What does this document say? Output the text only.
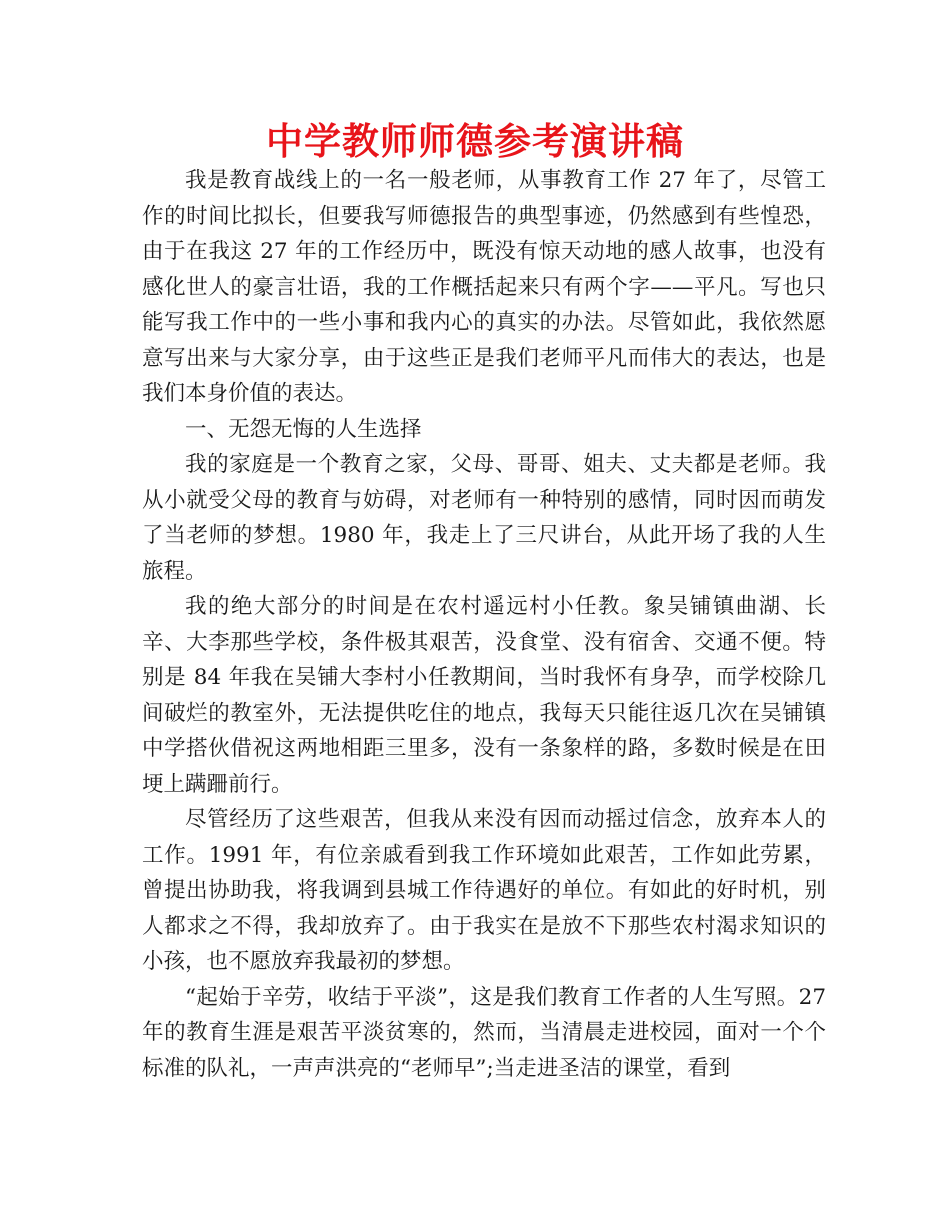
中学教师师德参考演讲稿

我是教育战线上的一名一般老师，从事教育工作 27 年了，尽管工作的时间比拟长，但要我写师德报告的典型事迹，仍然感到有些惶恐，由于在我这 27 年的工作经历中，既没有惊天动地的感人故事，也没有感化世人的豪言壮语，我的工作概括起来只有两个字——平凡。写也只能写我工作中的一些小事和我内心的真实的办法。尽管如此，我依然愿意写出来与大家分享，由于这些正是我们老师平凡而伟大的表达，也是我们本身价值的表达。

一、无怨无悔的人生选择

我的家庭是一个教育之家，父母、哥哥、姐夫、丈夫都是老师。我从小就受父母的教育与妨碍，对老师有一种特别的感情，同时因而萌发了当老师的梦想。1980 年，我走上了三尺讲台，从此开场了我的人生旅程。

我的绝大部分的时间是在农村遥远村小任教。象吴铺镇曲湖、长辛、大李那些学校，条件极其艰苦，没食堂、没有宿舍、交通不便。特别是 84 年我在吴铺大李村小任教期间，当时我怀有身孕，而学校除几间破烂的教室外，无法提供吃住的地点，我每天只能往返几次在吴铺镇中学搭伙借祝这两地相距三里多，没有一条象样的路，多数时候是在田埂上蹒跚前行。

尽管经历了这些艰苦，但我从来没有因而动摇过信念，放弃本人的工作。1991 年，有位亲戚看到我工作环境如此艰苦，工作如此劳累，曾提出协助我，将我调到县城工作待遇好的单位。有如此的好时机，别人都求之不得，我却放弃了。由于我实在是放不下那些农村渴求知识的小孩，也不愿放弃我最初的梦想。

“起始于辛劳，收结于平淡”，这是我们教育工作者的人生写照。27 年的教育生涯是艰苦平淡贫寒的，然而，当清晨走进校园，面对一个个标准的队礼，一声声洪亮的“老师早”;当走进圣洁的课堂，看到
